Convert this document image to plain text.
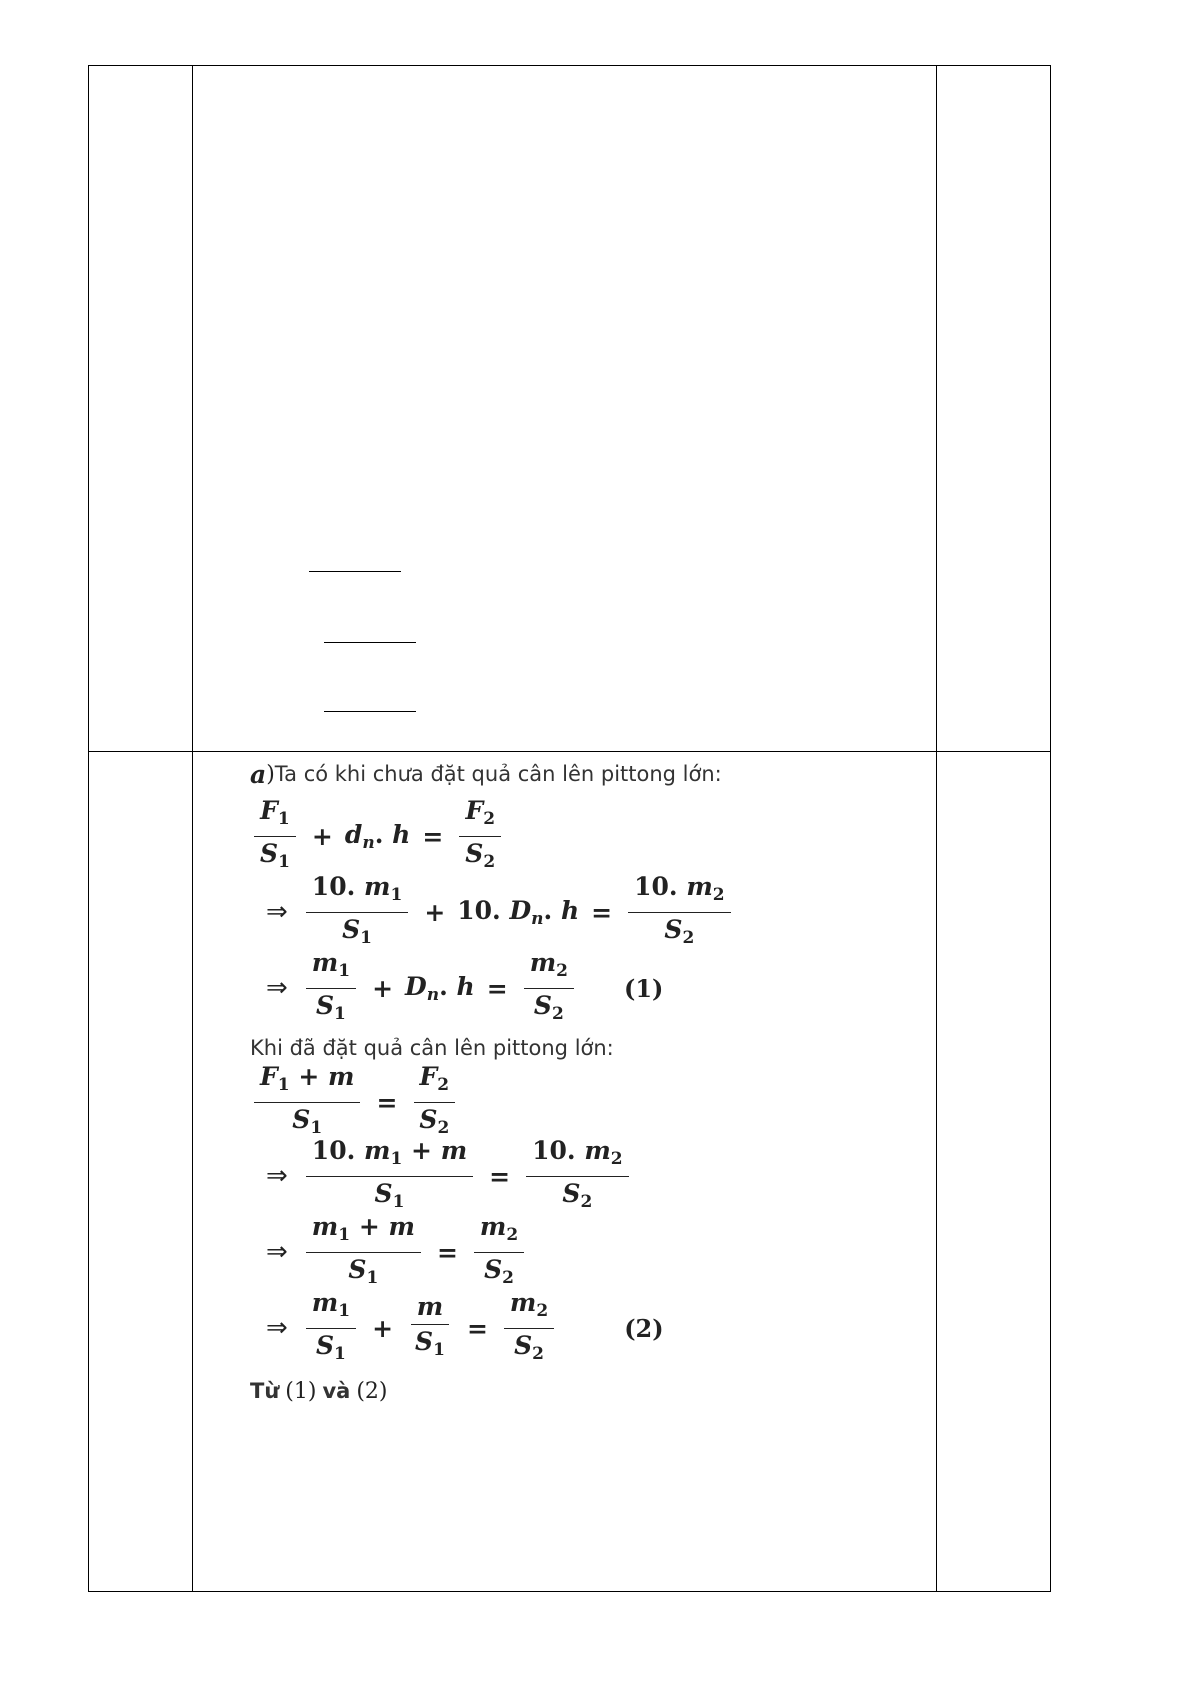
a ) Ta có khi chưa đặt quả cân lên pittong lớn:
$\frac{F_1}{S_1} + d_n$. $h = \frac{F_2}{S_2}$
⇒ $\frac{10. m_1}{S_1} + 10$. $D_n$. $h = \frac{10. m_2}{S_2}$
⇒ $\frac{m_1}{S_1} + D_n$. $h = \frac{m_2}{S_2} (1)$
Khi đã đặt quả cân lên pittong lớn:
$\frac{F_1 + m}{S_1} = \frac{F_2}{S_2}$
⇒ $\frac{10. m_1 + m}{S_1} = \frac{10. m_2}{S_2}$
⇒ $\frac{m_1 + m}{S_1} = \frac{m_2}{S_2}$
⇒ $\frac{m_1}{S_1} + \frac{m}{S_1} = \frac{m_2}{S_2}$	(2)
Từ (1) và (2)
